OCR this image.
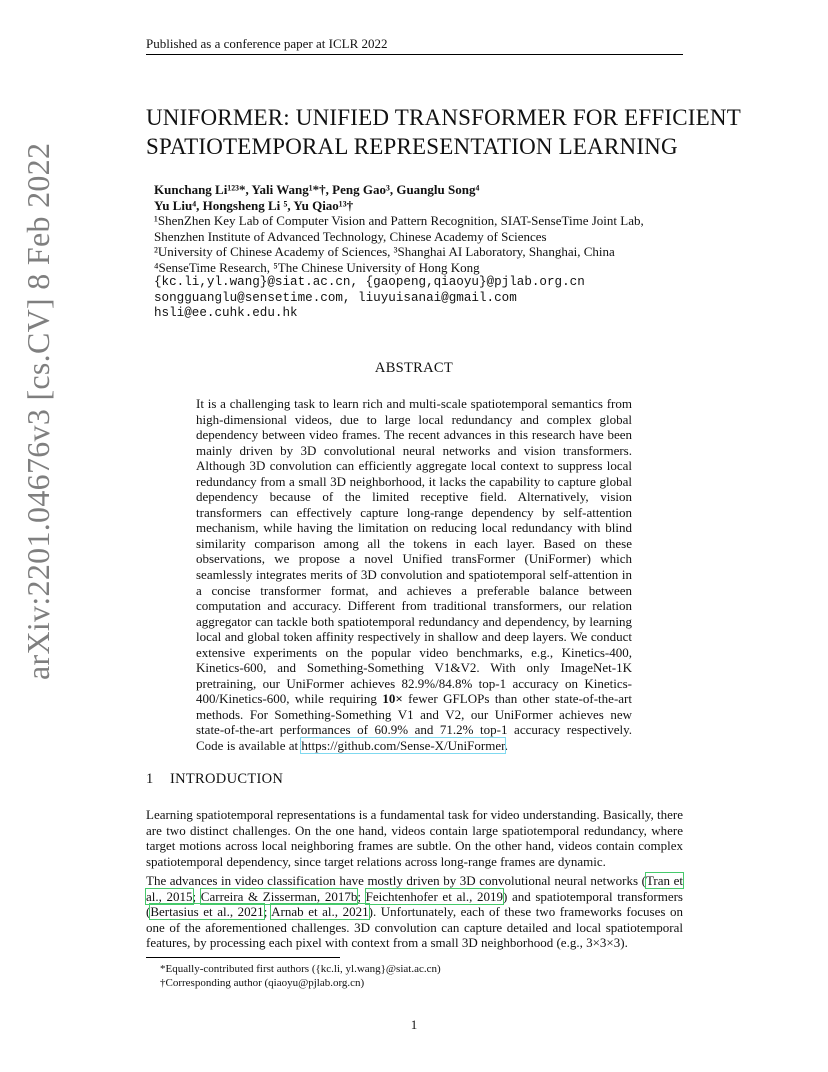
Published as a conference paper at ICLR 2022
arXiv:2201.04676v3 [cs.CV] 8 Feb 2022
UNIFORMER: UNIFIED TRANSFORMER FOR EFFICIENT
SPATIOTEMPORAL REPRESENTATION LEARNING
Kunchang Li¹²³*, Yali Wang¹*†, Peng Gao³, Guanglu Song⁴
Yu Liu⁴, Hongsheng Li ⁵, Yu Qiao¹³†
¹ShenZhen Key Lab of Computer Vision and Pattern Recognition, SIAT-SenseTime Joint Lab,
Shenzhen Institute of Advanced Technology, Chinese Academy of Sciences
²University of Chinese Academy of Sciences, ³Shanghai AI Laboratory, Shanghai, China
⁴SenseTime Research, ⁵The Chinese University of Hong Kong
{kc.li,yl.wang}@siat.ac.cn, {gaopeng,qiaoyu}@pjlab.org.cn
songguanglu@sensetime.com, liuyuisanai@gmail.com
hsli@ee.cuhk.edu.hk
ABSTRACT
It is a challenging task to learn rich and multi-scale spatiotemporal semantics from high-dimensional videos, due to large local redundancy and complex global dependency between video frames. The recent advances in this research have been mainly driven by 3D convolutional neural networks and vision transformers. Although 3D convolution can efficiently aggregate local context to suppress local redundancy from a small 3D neighborhood, it lacks the capability to capture global dependency because of the limited receptive field. Alternatively, vision transformers can effectively capture long-range dependency by self-attention mechanism, while having the limitation on reducing local redundancy with blind similarity comparison among all the tokens in each layer. Based on these observations, we propose a novel Unified transFormer (UniFormer) which seamlessly integrates merits of 3D convolution and spatiotemporal self-attention in a concise transformer format, and achieves a preferable balance between computation and accuracy. Different from traditional transformers, our relation aggregator can tackle both spatiotemporal redundancy and dependency, by learning local and global token affinity respectively in shallow and deep layers. We conduct extensive experiments on the popular video benchmarks, e.g., Kinetics-400, Kinetics-600, and Something-Something V1&V2. With only ImageNet-1K pretraining, our UniFormer achieves 82.9%/84.8% top-1 accuracy on Kinetics-400/Kinetics-600, while requiring 10× fewer GFLOPs than other state-of-the-art methods. For Something-Something V1 and V2, our UniFormer achieves new state-of-the-art performances of 60.9% and 71.2% top-1 accuracy respectively. Code is available at https://github.com/Sense-X/UniFormer.
1 INTRODUCTION
Learning spatiotemporal representations is a fundamental task for video understanding. Basically, there are two distinct challenges. On the one hand, videos contain large spatiotemporal redundancy, where target motions across local neighboring frames are subtle. On the other hand, videos contain complex spatiotemporal dependency, since target relations across long-range frames are dynamic.
The advances in video classification have mostly driven by 3D convolutional neural networks (Tran et al., 2015; Carreira & Zisserman, 2017b; Feichtenhofer et al., 2019) and spatiotemporal transformers (Bertasius et al., 2021; Arnab et al., 2021). Unfortunately, each of these two frameworks focuses on one of the aforementioned challenges. 3D convolution can capture detailed and local spatiotemporal features, by processing each pixel with context from a small 3D neighborhood (e.g., 3×3×3).
*Equally-contributed first authors ({kc.li, yl.wang}@siat.ac.cn)
†Corresponding author (qiaoyu@pjlab.org.cn)
1
